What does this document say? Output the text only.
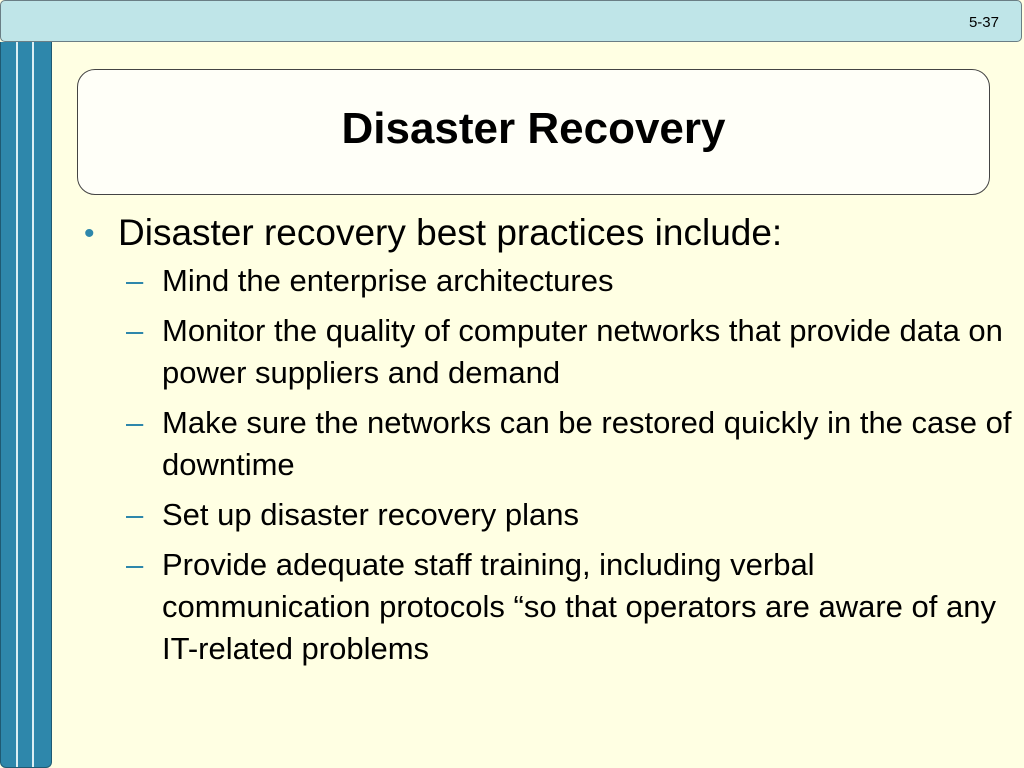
5-37
Disaster Recovery
• Disaster recovery best practices include:
– Mind the enterprise architectures
– Monitor the quality of computer networks that provide data on power suppliers and demand
– Make sure the networks can be restored quickly in the case of downtime
– Set up disaster recovery plans
– Provide adequate staff training, including verbal communication protocols “so that operators are aware of any IT-related problems
